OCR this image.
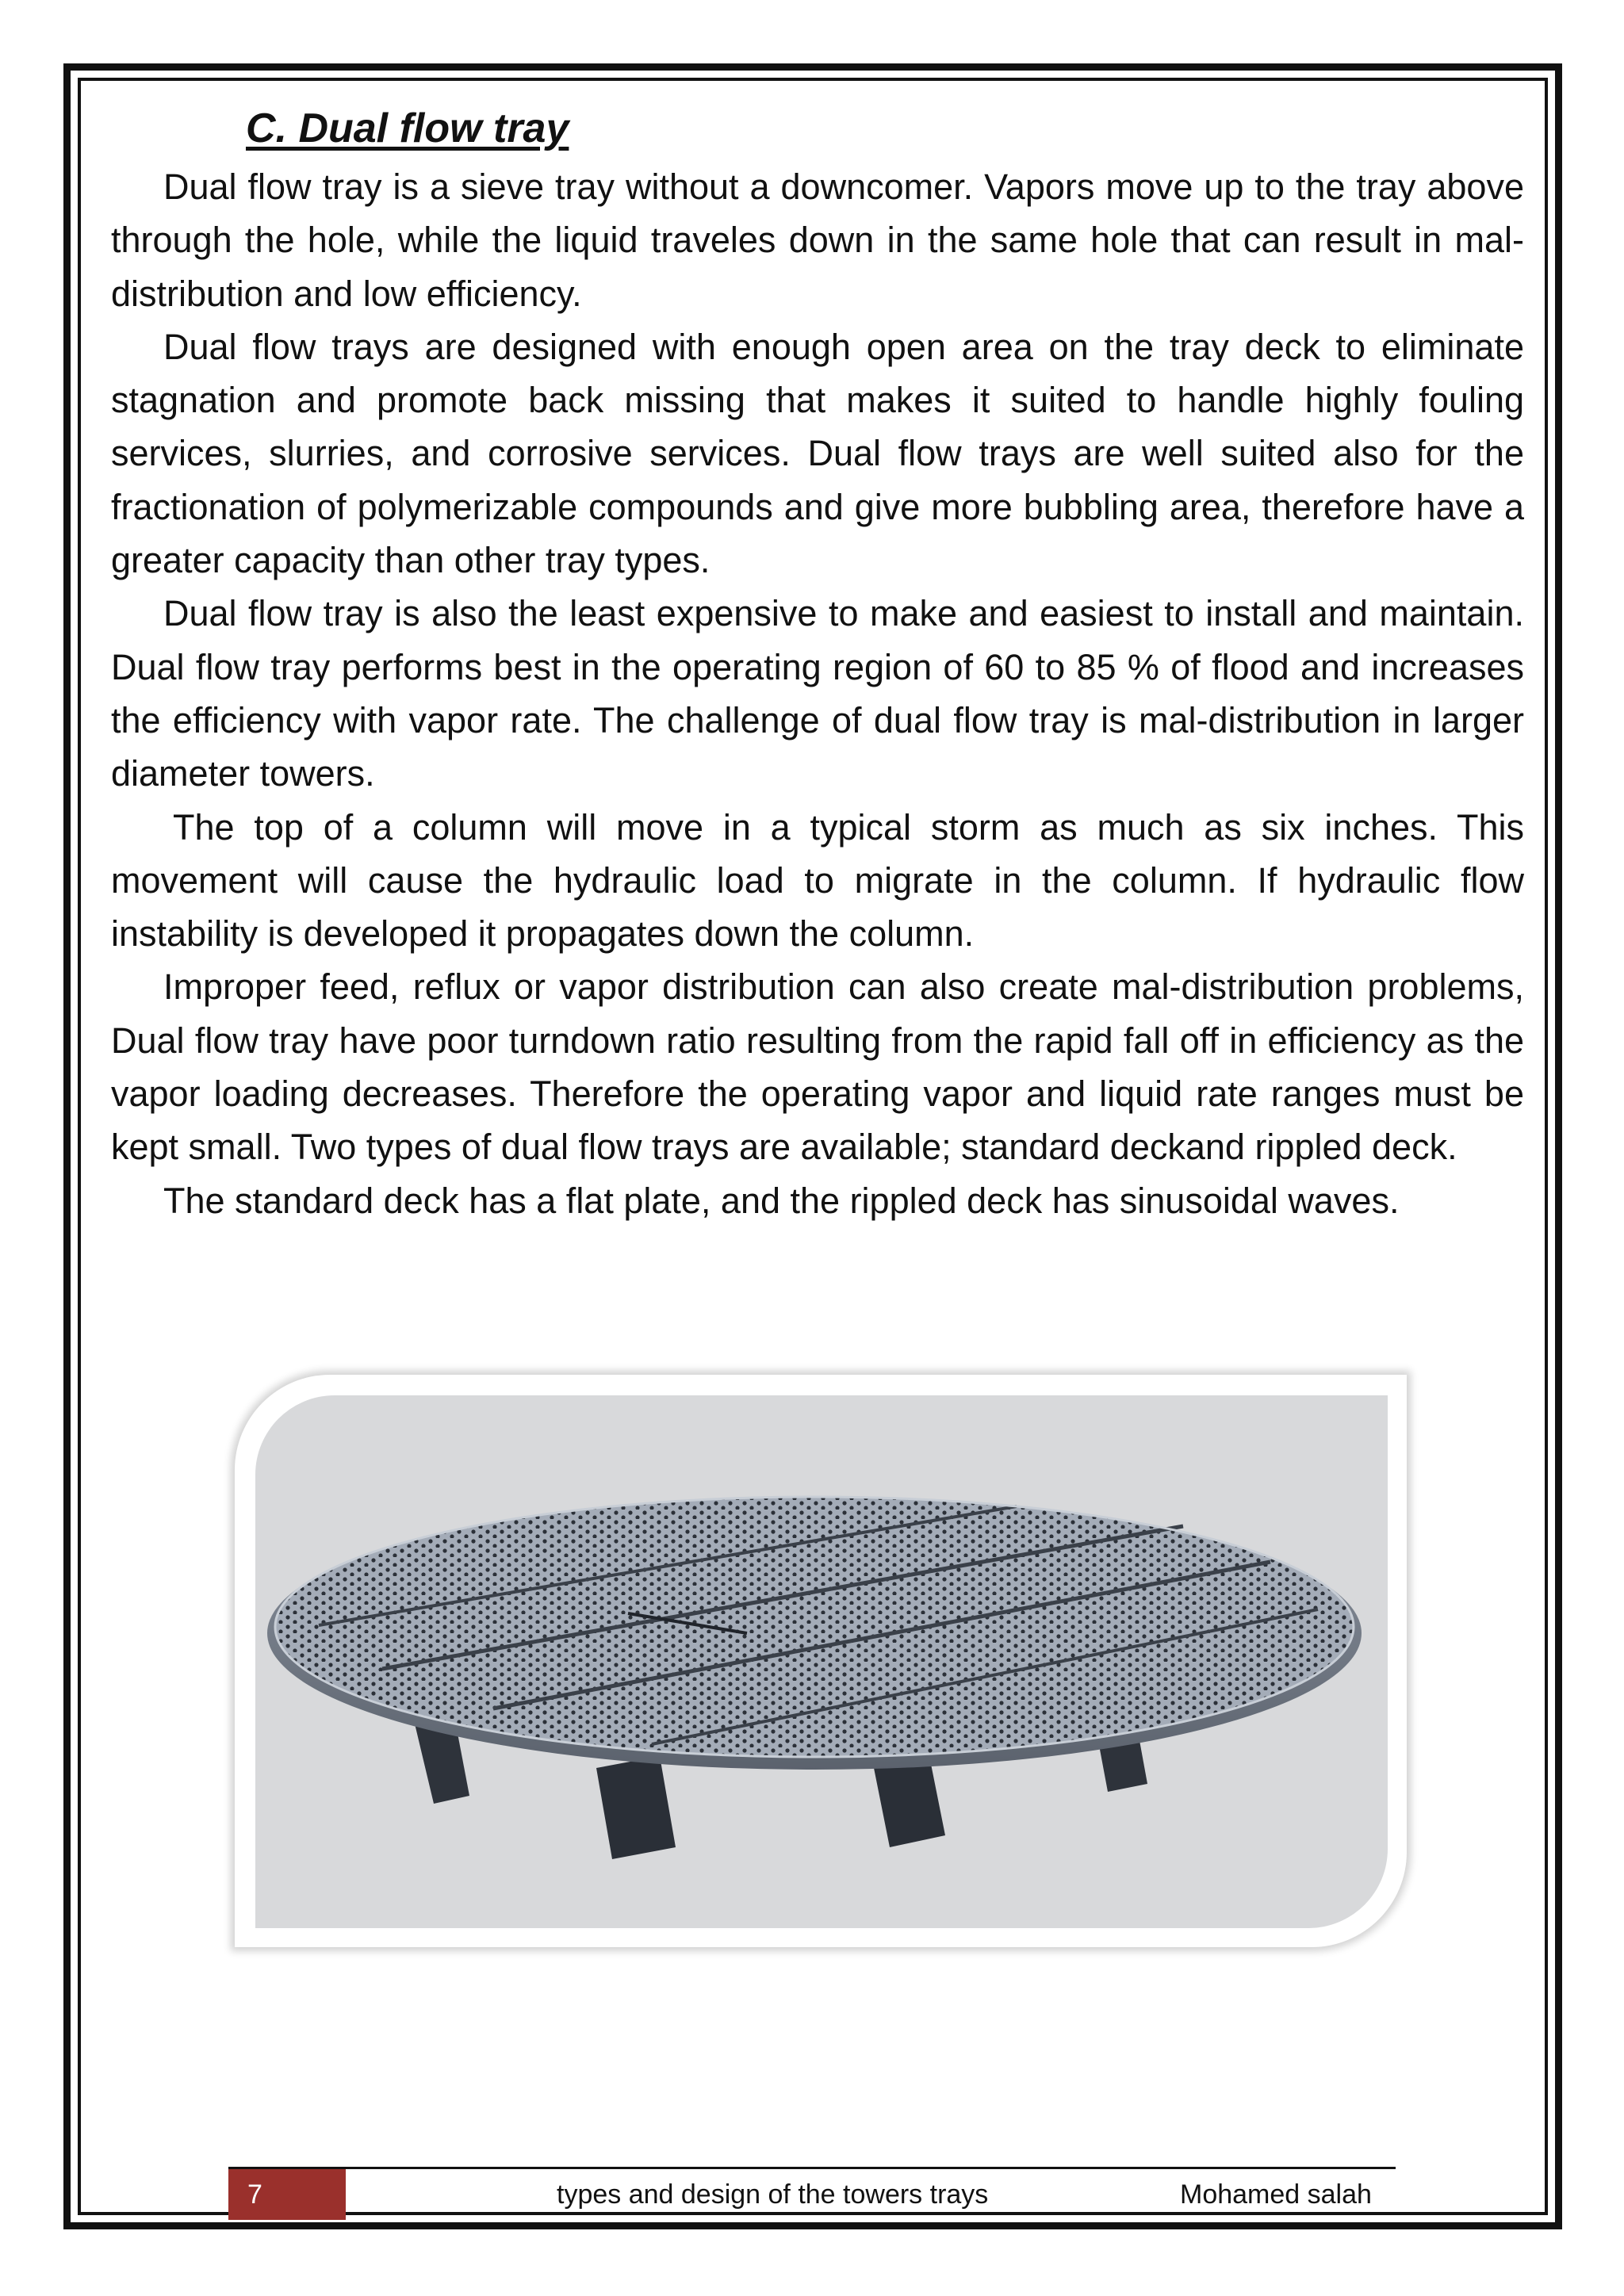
C. Dual flow tray

Dual flow tray is a sieve tray without a downcomer. Vapors move up to the tray above through the hole, while the liquid traveles down in the same hole that can result in mal-distribution and low efficiency.

Dual flow trays are designed with enough open area on the tray deck to eliminate stagnation and promote back missing that makes it suited to handle highly fouling services, slurries, and corrosive services. Dual flow trays are well suited also for the fractionation of polymerizable compounds and give more bubbling area, therefore have a greater capacity than other tray types.

Dual flow tray is also the least expensive to make and easiest to install and maintain. Dual flow tray performs best in the operating region of 60 to 85 % of flood and increases the efficiency with vapor rate. The challenge of dual flow tray is mal-distribution in larger diameter towers.

The top of a column will move in a typical storm as much as six inches. This movement will cause the hydraulic load to migrate in the column. If hydraulic flow instability is developed it propagates down the column.

Improper feed, reflux or vapor distribution can also create mal-distribution problems, Dual flow tray have poor turndown ratio resulting from the rapid fall off in efficiency as the vapor loading decreases. Therefore the operating vapor and liquid rate ranges must be kept small. Two types of dual flow trays are available; standard deckand rippled deck.

The standard deck has a flat plate, and the rippled deck has sinusoidal waves.

7	types and design of the towers trays	Mohamed salah
